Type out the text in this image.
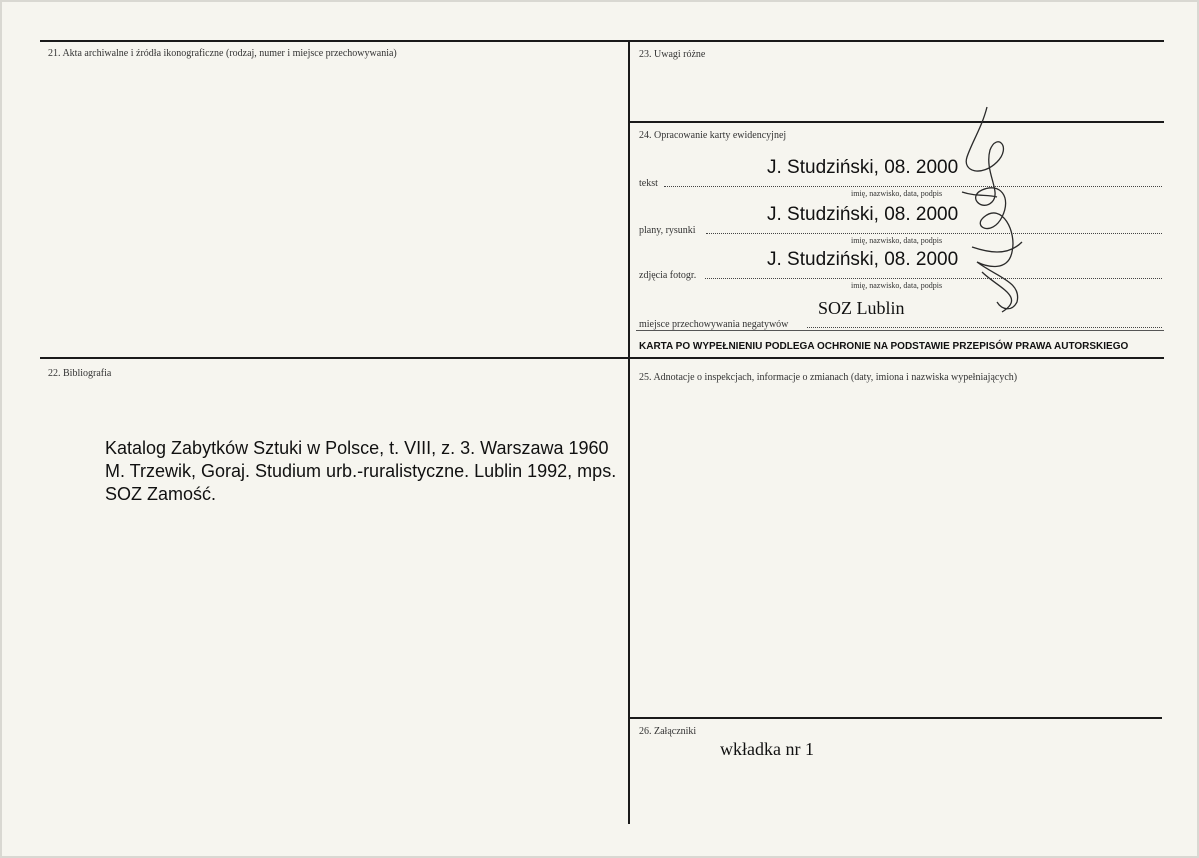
21. Akta archiwalne i źródła ikonograficzne (rodzaj, numer i miejsce przechowywania)	23. Uwagi różne
24. Opracowanie karty ewidencyjnej
J. Studziński, 08. 2000
tekst
imię, nazwisko, data, podpis
J. Studziński, 08. 2000
plany, rysunki
imię, nazwisko, data, podpis
J. Studziński, 08. 2000
zdjęcia fotogr.
imię, nazwisko, data, podpis
SOZ Lublin
miejsce przechowywania negatywów
KARTA PO WYPEŁNIENIU PODLEGA OCHRONIE NA PODSTAWIE PRZEPISÓW PRAWA AUTORSKIEGO
22. Bibliografia
Katalog Zabytków Sztuki w Polsce, t. VIII, z. 3. Warszawa 1960
M. Trzewik, Goraj. Studium urb.-ruralistyczne. Lublin 1992, mps. SOZ Zamość.
25. Adnotacje o inspekcjach, informacje o zmianach (daty, imiona i nazwiska wypełniających)
26. Załączniki
wkładka nr 1
